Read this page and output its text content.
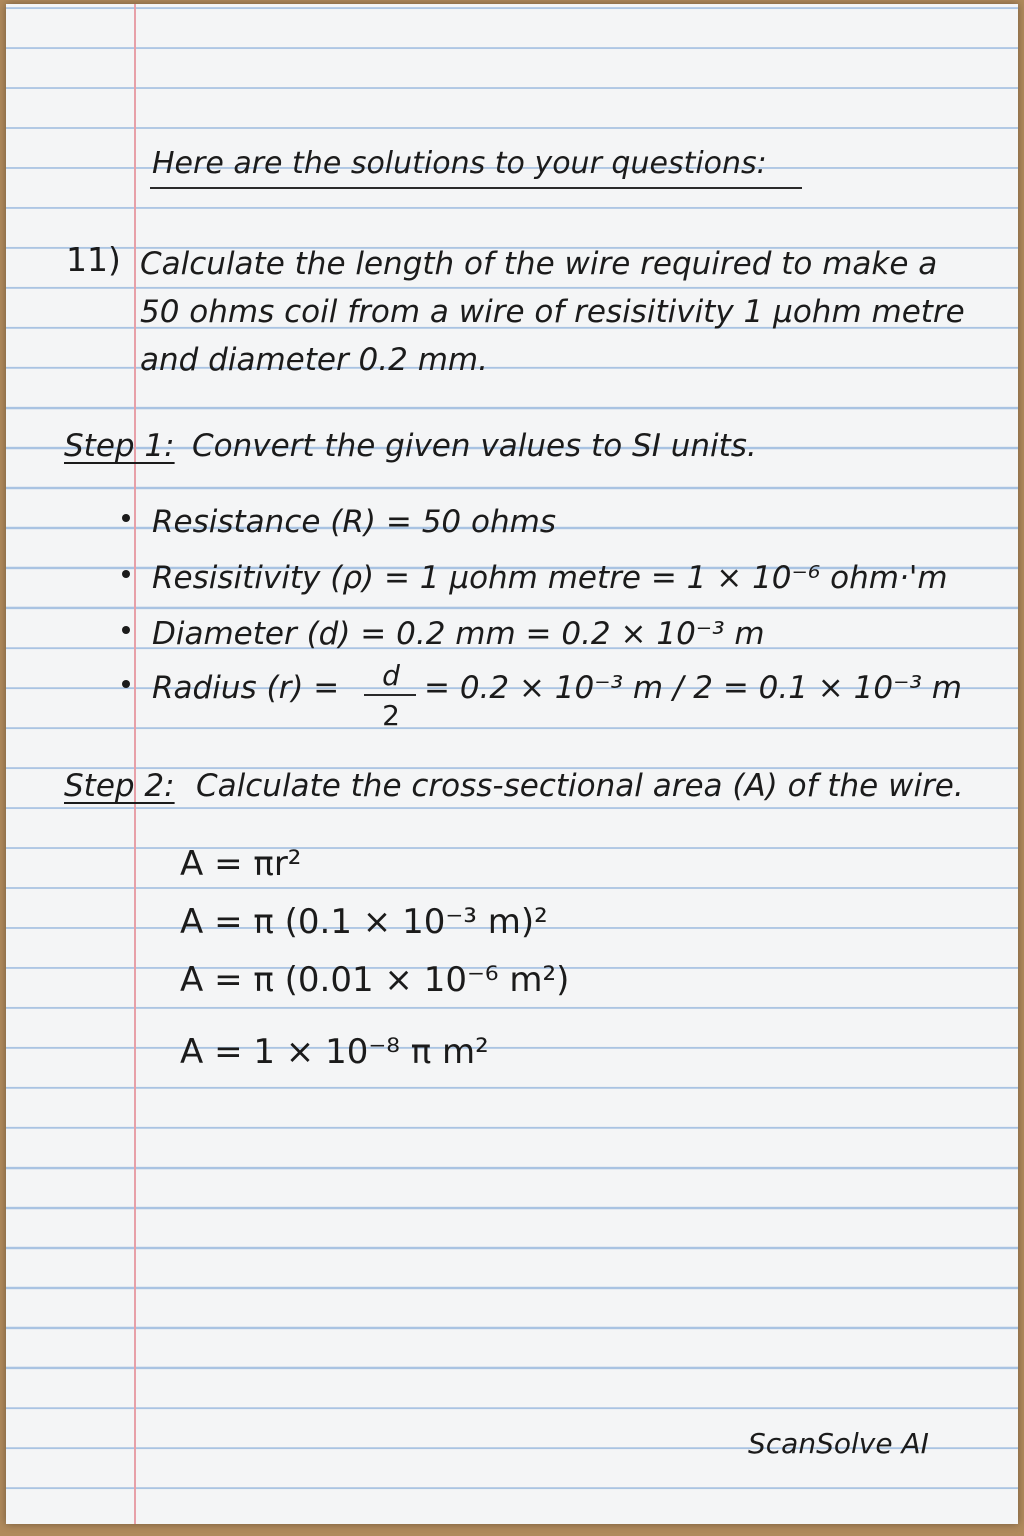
Here are the solutions to your questions:
11) Calculate the length of the wire required to make a
50 ohms coil from a wire of resisitivity 1 µohm metre
and diameter 0.2 mm.
Step 1: Convert the given values to SI units.
Resistance (R) = 50 ohms
Resisitivity (ρ) = 1 µohm metre = 1 × 10⁻⁶ ohm·'m
Diameter (d) = 0.2 mm = 0.2 × 10⁻³ m
Radius (r) =	d
2
= 0.2 × 10⁻³ m / 2 = 0.1 × 10⁻³ m
Step 2: Calculate the cross-sectional area (A) of the wire.
A = πr²
A = π (0.1 × 10⁻³ m)²
A = π (0.01 × 10⁻⁶ m²)
A = 1 × 10⁻⁸ π m²
ScanSolve AI
